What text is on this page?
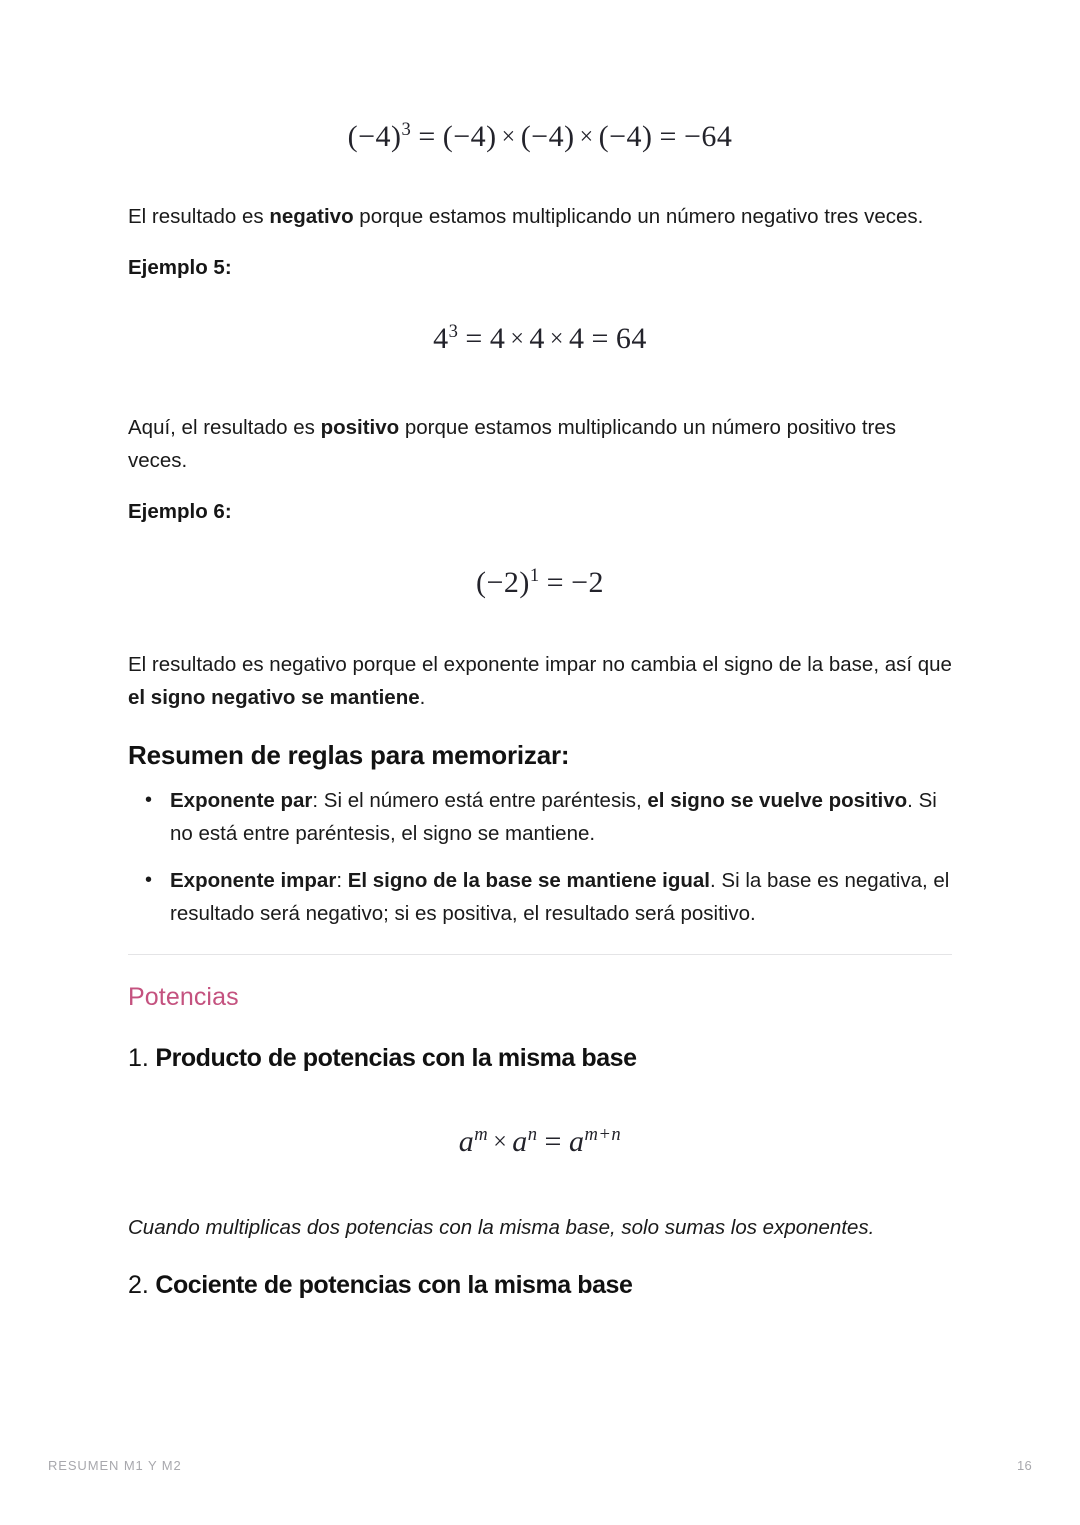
$(-4)^3 = (-4) \times (-4) \times (-4) = -64$

El resultado es negativo porque estamos multiplicando un número negativo tres veces.

Ejemplo 5:
$4^3 = 4 \times 4 \times 4 = 64$

Aquí, el resultado es positivo porque estamos multiplicando un número positivo tres veces.

Ejemplo 6:
$(-2)^1 = -2$

El resultado es negativo porque el exponente impar no cambia el signo de la base, así que el signo negativo se mantiene.

Resumen de reglas para memorizar:
• Exponente par: Si el número está entre paréntesis, el signo se vuelve positivo. Si no está entre paréntesis, el signo se mantiene.
• Exponente impar: El signo de la base se mantiene igual. Si la base es negativa, el resultado será negativo; si es positiva, el resultado será positivo.
Potencias
1. Producto de potencias con la misma base
$a^m \times a^n = a^{m+n}$

Cuando multiplicas dos potencias con la misma base, solo sumas los exponentes.

2. Cociente de potencias con la misma base
RESUMEN M1 Y M2	16
